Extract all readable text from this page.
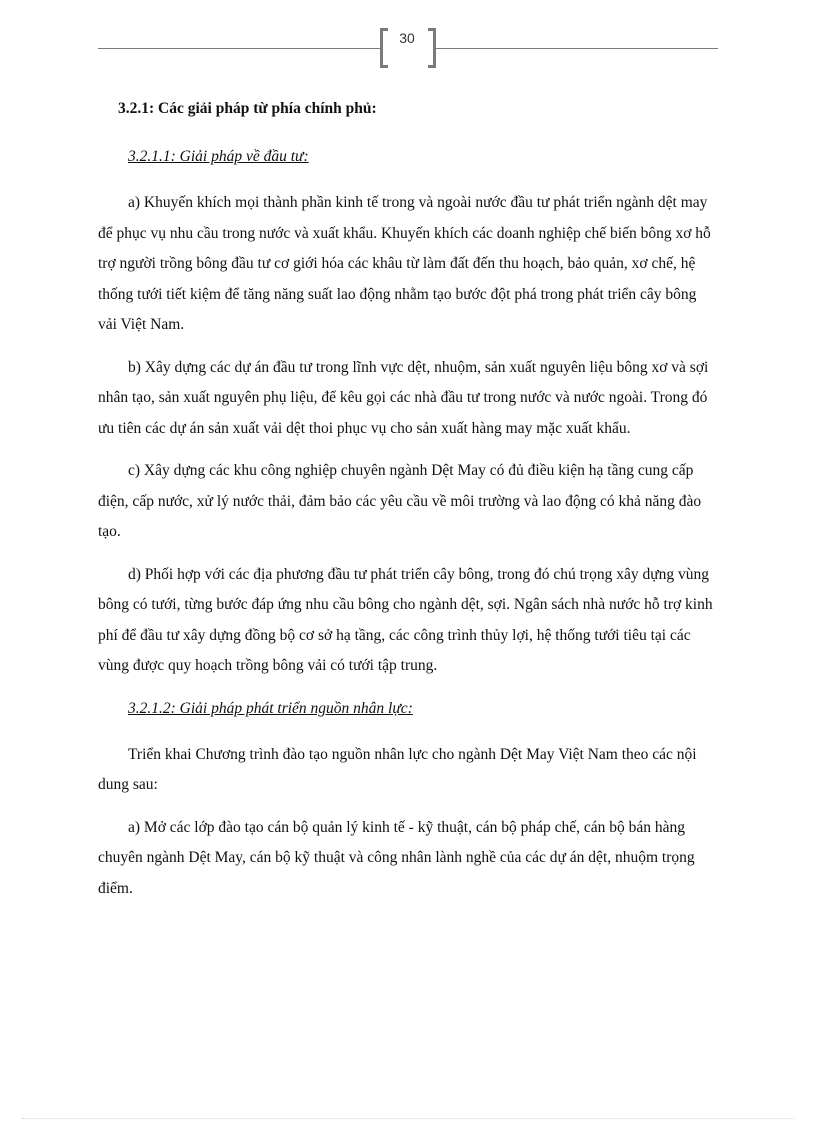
30

3.2.1: Các giải pháp từ phía chính phủ:

3.2.1.1: Giải pháp về đầu tư:

a) Khuyến khích mọi thành phần kinh tế trong và ngoài nước đầu tư phát triển ngành dệt may để phục vụ nhu cầu trong nước và xuất khẩu. Khuyến khích các doanh nghiệp chế biến bông xơ hỗ trợ người trồng bông đầu tư cơ giới hóa các khâu từ làm đất đến thu hoạch, bảo quản, xơ chế, hệ thống tưới tiết kiệm để tăng năng suất lao động nhằm tạo bước đột phá trong phát triển cây bông vải Việt Nam.

b) Xây dựng các dự án đầu tư trong lĩnh vực dệt, nhuộm, sản xuất nguyên liệu bông xơ và sợi nhân tạo, sản xuất nguyên phụ liệu, để kêu gọi các nhà đầu tư trong nước và nước ngoài. Trong đó ưu tiên các dự án sản xuất vải dệt thoi phục vụ cho sản xuất hàng may mặc xuất khẩu.

c) Xây dựng các khu công nghiệp chuyên ngành Dệt May có đủ điều kiện hạ tầng cung cấp điện, cấp nước, xử lý nước thải, đảm bảo các yêu cầu về môi trường và lao động có khả năng đào tạo.

d) Phối hợp với các địa phương đầu tư phát triển cây bông, trong đó chú trọng xây dựng vùng bông có tưới, từng bước đáp ứng nhu cầu bông cho ngành dệt, sợi. Ngân sách nhà nước hỗ trợ kinh phí để đầu tư xây dựng đồng bộ cơ sở hạ tầng, các công trình thủy lợi, hệ thống tưới tiêu tại các vùng được quy hoạch trồng bông vải có tưới tập trung.

3.2.1.2: Giải pháp phát triển nguồn nhân lực:

Triển khai Chương trình đào tạo nguồn nhân lực cho ngành Dệt May Việt Nam theo các nội dung sau:

a) Mở các lớp đào tạo cán bộ quản lý kinh tế - kỹ thuật, cán bộ pháp chế, cán bộ bán hàng chuyên ngành Dệt May, cán bộ kỹ thuật và công nhân lành nghề của các dự án dệt, nhuộm trọng điểm.
